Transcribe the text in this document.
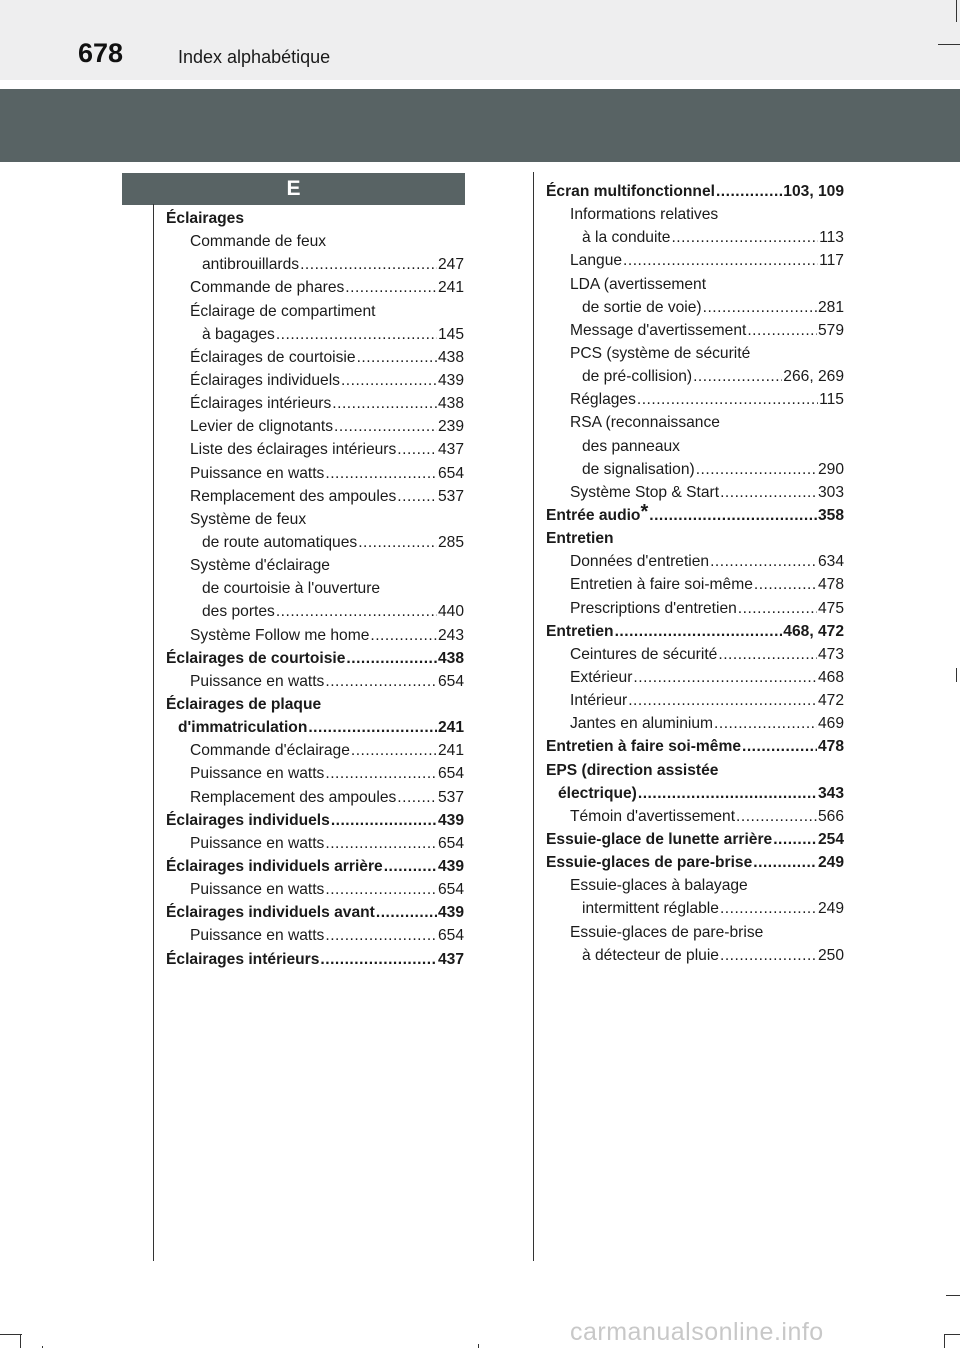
678	Index alphabétique
E
Éclairages
Commande de feux
antibrouillards .....	247
Commande de phares .....	241
Éclairage de compartiment
à bagages .....	145
Éclairages de courtoisie .....	438
Éclairages individuels .....	439
Éclairages intérieurs .....	438
Levier de clignotants .....	239
Liste des éclairages intérieurs .....	437
Puissance en watts .....	654
Remplacement des ampoules .....	537
Système de feux
de route automatiques .....	285
Système d'éclairage
de courtoisie à l'ouverture
des portes .....	440
Système Follow me home .....	243
Éclairages de courtoisie .....	438
Puissance en watts .....	654
Éclairages de plaque
d'immatriculation .....	241
Commande d'éclairage .....	241
Puissance en watts .....	654
Remplacement des ampoules .....	537
Éclairages individuels .....	439
Puissance en watts .....	654
Éclairages individuels arrière .....	439
Puissance en watts .....	654
Éclairages individuels avant .....	439
Puissance en watts .....	654
Éclairages intérieurs .....	437
Écran multifonctionnel .....	103, 109
Informations relatives
à la conduite .....	113
Langue .....	117
LDA (avertissement
de sortie de voie) .....	281
Message d'avertissement .....	579
PCS (système de sécurité
de pré-collision) .....	266, 269
Réglages .....	115
RSA (reconnaissance
des panneaux
de signalisation) .....	290
Système Stop & Start .....	303
Entrée audio* .....	358
Entretien
Données d'entretien .....	634
Entretien à faire soi-même .....	478
Prescriptions d'entretien .....	475
Entretien .....	468, 472
Ceintures de sécurité .....	473
Extérieur .....	468
Intérieur .....	472
Jantes en aluminium .....	469
Entretien à faire soi-même .....	478
EPS (direction assistée
électrique) .....	343
Témoin d'avertissement .....	566
Essuie-glace de lunette arrière .....	254
Essuie-glaces de pare-brise .....	249
Essuie-glaces à balayage
intermittent réglable .....	249
Essuie-glaces de pare-brise
à détecteur de pluie .....	250
carmanualsonline.info
